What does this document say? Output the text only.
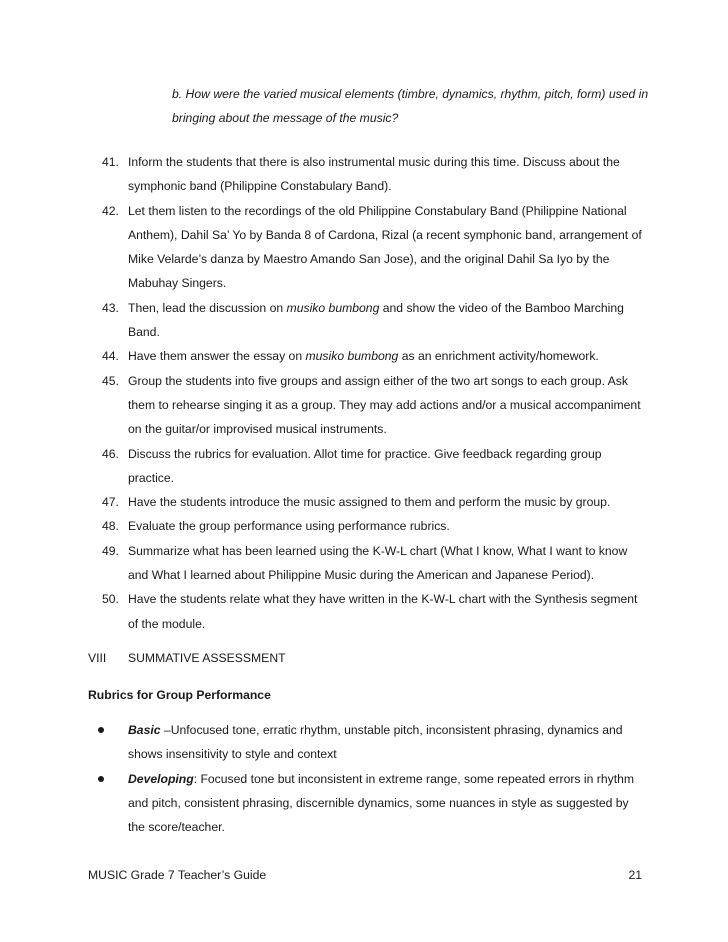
b. How were the varied musical elements (timbre, dynamics, rhythm, pitch, form) used in
bringing about the message of the music?
41. Inform the students that there is also instrumental music during this time. Discuss about the symphonic band (Philippine Constabulary Band).
42. Let them listen to the recordings of the old Philippine Constabulary Band (Philippine National Anthem), Dahil Sa’ Yo by Banda 8 of Cardona, Rizal (a recent symphonic band, arrangement of Mike Velarde’s danza by Maestro Amando San Jose), and the original Dahil Sa Iyo by the Mabuhay Singers.
43. Then, lead the discussion on musiko bumbong and show the video of the Bamboo Marching Band.
44. Have them answer the essay on musiko bumbong as an enrichment activity/homework.
45. Group the students into five groups and assign either of the two art songs to each group. Ask them to rehearse singing it as a group. They may add actions and/or a musical accompaniment on the guitar/or improvised musical instruments.
46. Discuss the rubrics for evaluation. Allot time for practice. Give feedback regarding group practice.
47. Have the students introduce the music assigned to them and perform the music by group.
48. Evaluate the group performance using performance rubrics.
49. Summarize what has been learned using the K-W-L chart (What I know, What I want to know and What I learned about Philippine Music during the American and Japanese Period).
50. Have the students relate what they have written in the K-W-L chart with the Synthesis segment of the module.
VIII SUMMATIVE ASSESSMENT
Rubrics for Group Performance
Basic –Unfocused tone, erratic rhythm, unstable pitch, inconsistent phrasing, dynamics and shows insensitivity to style and context
Developing: Focused tone but inconsistent in extreme range, some repeated errors in rhythm and pitch, consistent phrasing, discernible dynamics, some nuances in style as suggested by the score/teacher.
MUSIC Grade 7 Teacher’s Guide	21
